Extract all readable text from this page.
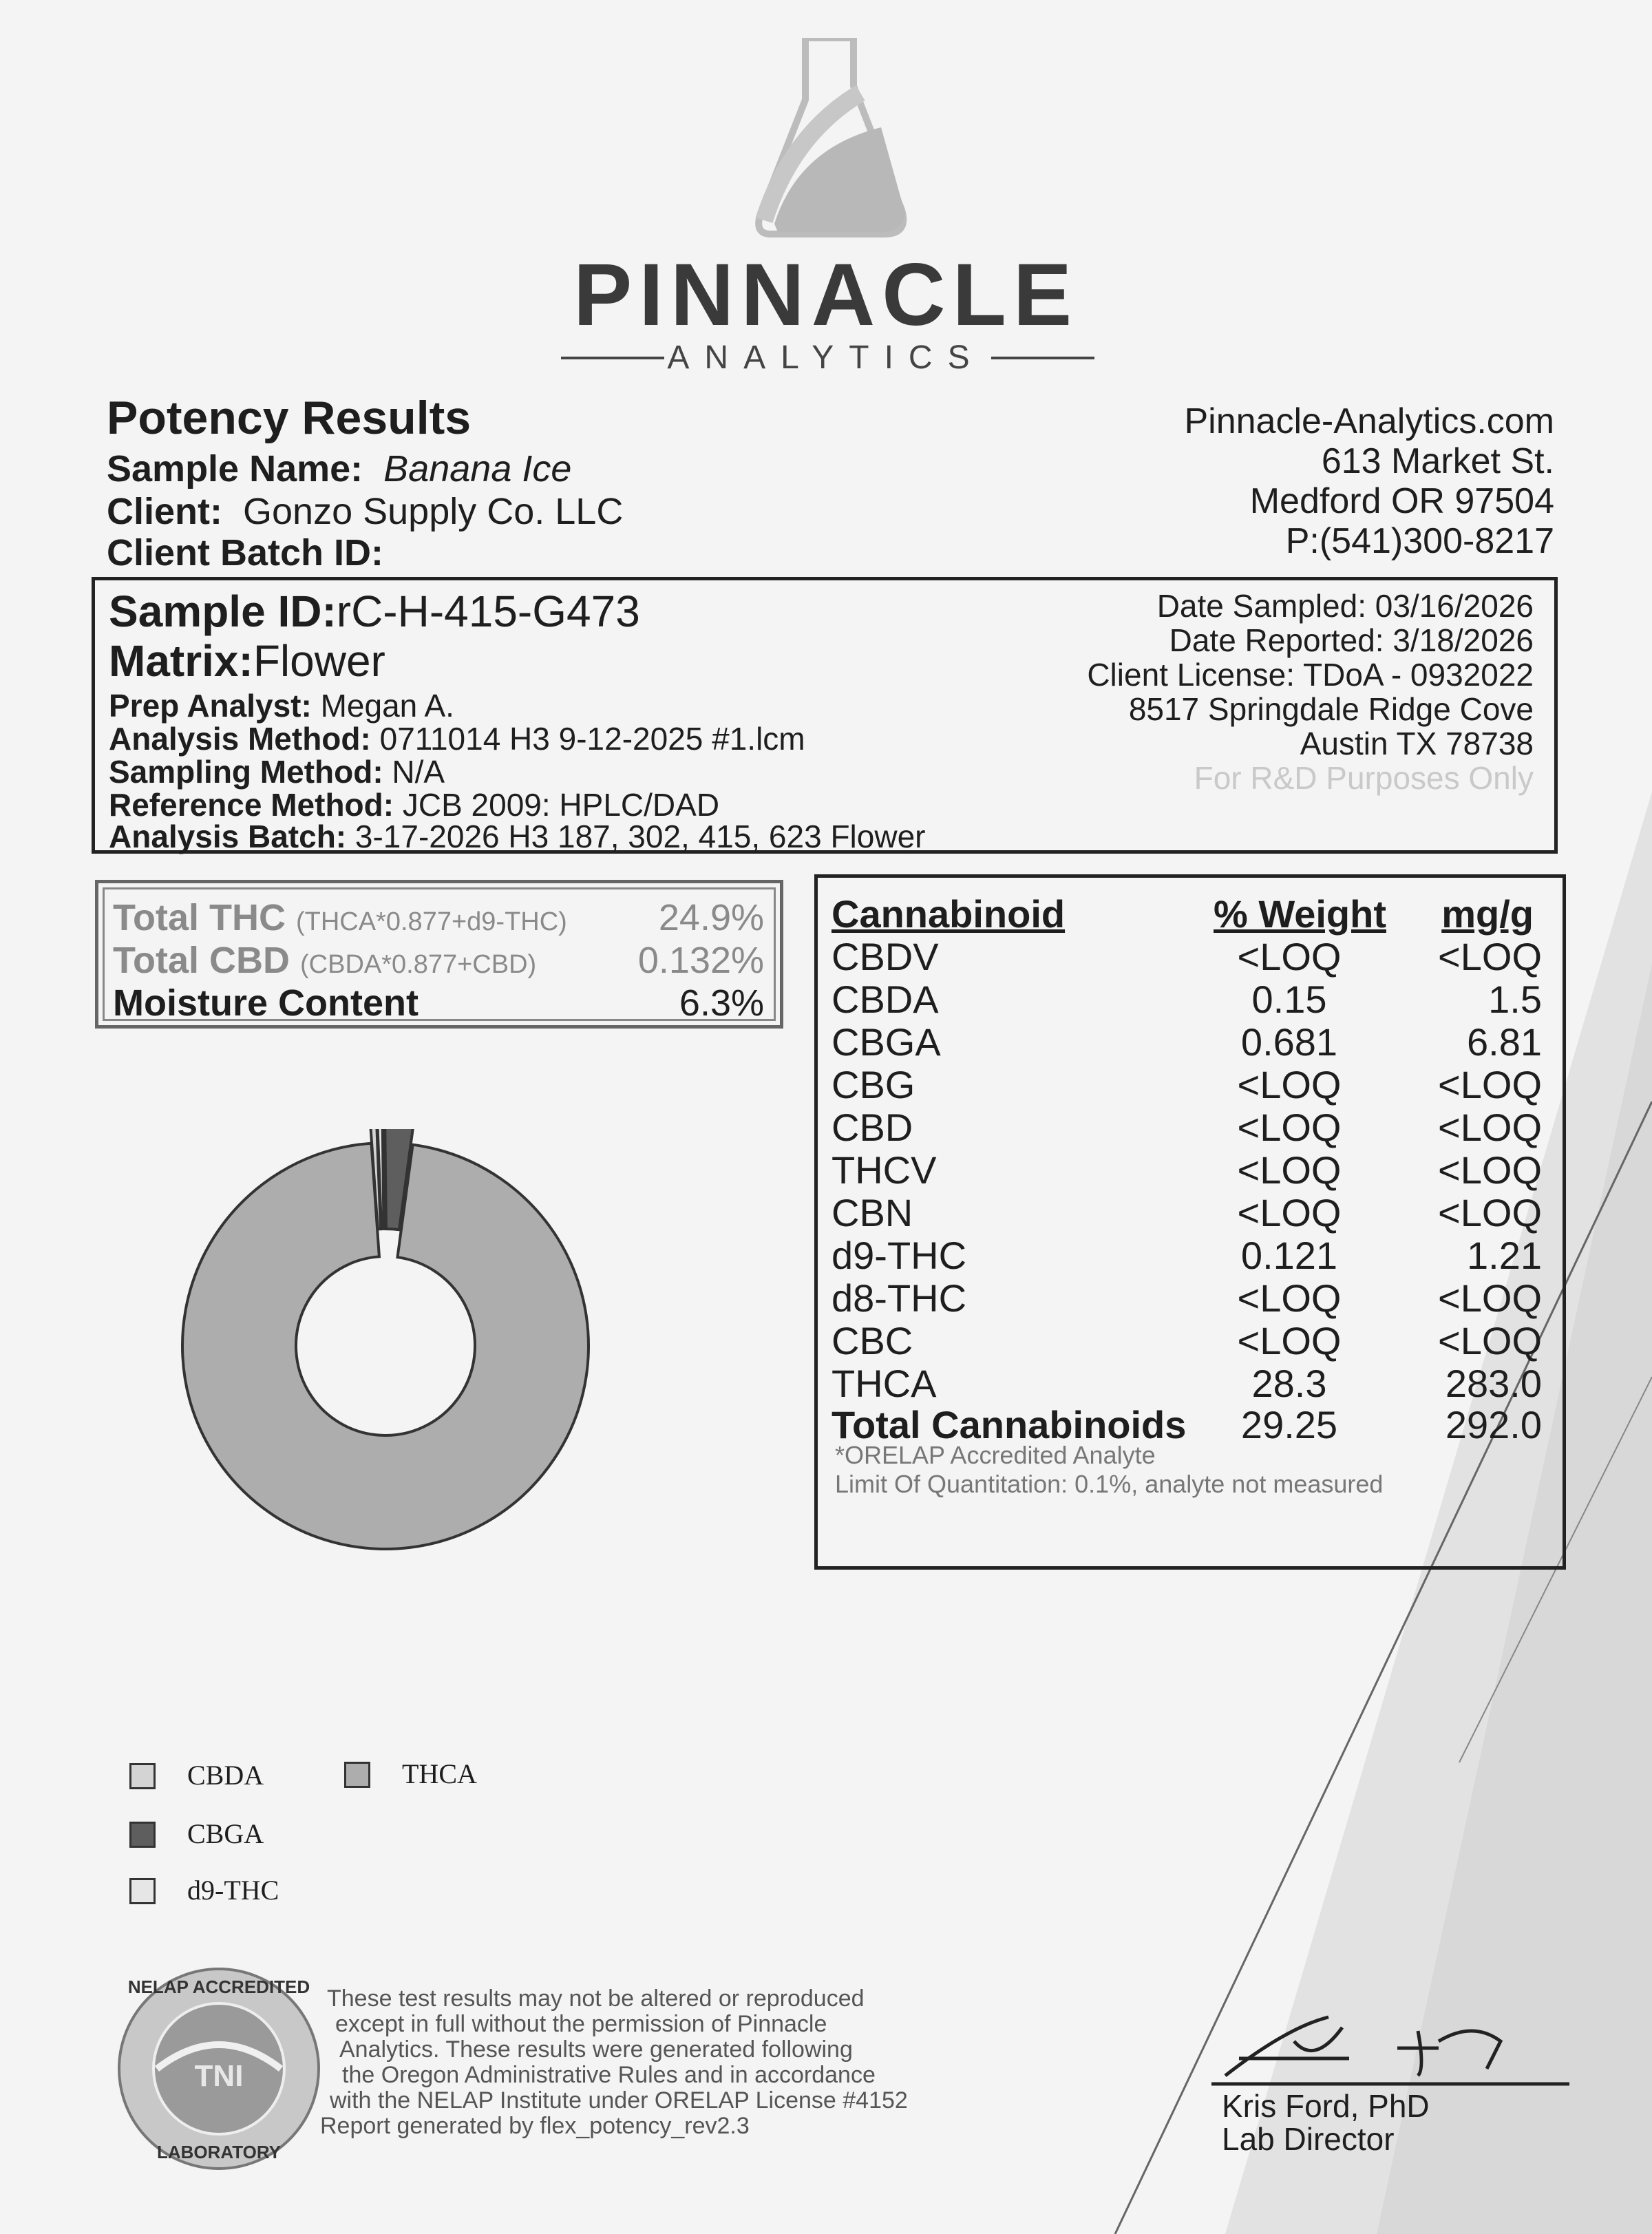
PINNACLE
ANALYTICS
Potency Results
Sample Name: Banana Ice
Client: Gonzo Supply Co. LLC
Client Batch ID:
Pinnacle-Analytics.com
613 Market St.
Medford OR 97504
P:(541)300-8217
Sample ID:rC-H-415-G473
Matrix:Flower
Prep Analyst: Megan A.
Analysis Method: 0711014 H3 9-12-2025 #1.lcm
Sampling Method: N/A
Reference Method: JCB 2009: HPLC/DAD
Analysis Batch: 3-17-2026 H3 187, 302, 415, 623 Flower
Date Sampled: 03/16/2026
Date Reported: 3/18/2026
Client License: TDoA - 0932022
8517 Springdale Ridge Cove
Austin TX 78738
For R&D Purposes Only
Total THC (THCA*0.877+d9-THC) 24.9%
Total CBD (CBDA*0.877+CBD)	0.132%
Moisture Content	6.3%
Cannabinoid	% Weight mg/g
CBDV	<LOQ	<LOQ
CBDA	0.15	1.5
CBGA	0.681	6.81
CBG	<LOQ	<LOQ
CBD	<LOQ	<LOQ
THCV	<LOQ	<LOQ
CBN	<LOQ	<LOQ
d9-THC	0.121	1.21
d8-THC	<LOQ	<LOQ
CBC	<LOQ	<LOQ
THCA	28.3	283.0
Total Cannabinoids	29.25	292.0
*ORELAP Accredited Analyte
Limit Of Quantitation: 0.1%, analyte not measured
CBDA
CBGA
d9-THC
THCA
TNI
NELAP ACCREDITED
LABORATORY
These test results may not be altered or reproduced
except in full without the permission of Pinnacle
Analytics. These results were generated following
the Oregon Administrative Rules and in accordance
with the NELAP Institute under ORELAP License #4152
Report generated by flex_potency_rev2.3
Kris Ford, PhD
Lab Director
